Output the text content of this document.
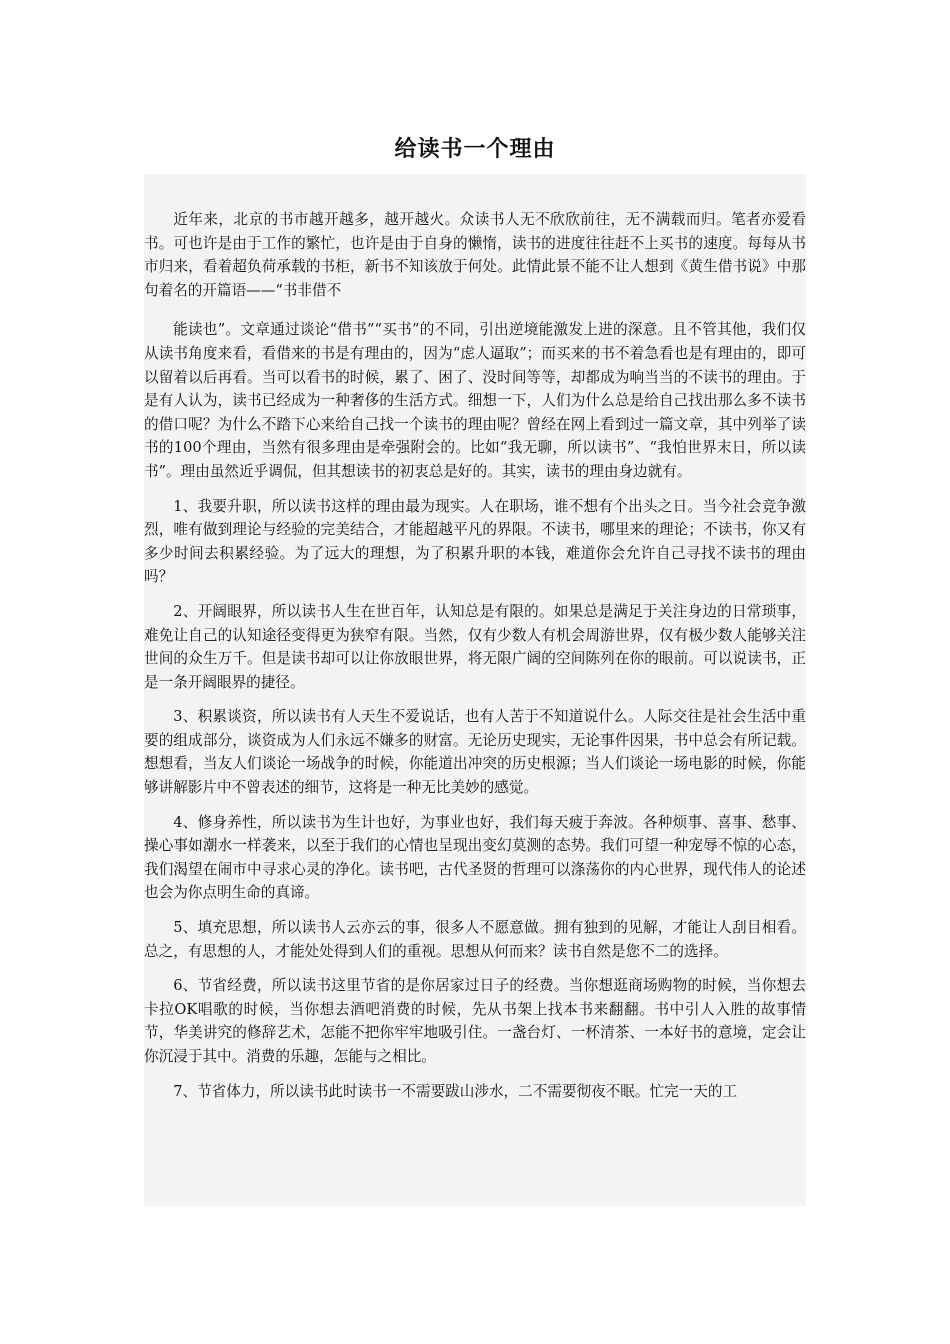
给读书一个理由

近年来，北京的书市越开越多，越开越火。众读书人无不欣欣前往，无不满载而归。笔者亦爱看书。可也许是由于工作的繁忙，也许是由于自身的懒惰，读书的进度往往赶不上买书的速度。每每从书市归来，看着超负荷承载的书柜，新书不知该放于何处。此情此景不能不让人想到《黄生借书说》中那句着名的开篇语——“书非借不

能读也”。文章通过谈论“借书”“买书”的不同，引出逆境能激发上进的深意。且不管其他，我们仅从读书角度来看，看借来的书是有理由的，因为“虑人逼取”；而买来的书不着急看也是有理由的，即可以留着以后再看。当可以看书的时候，累了、困了、没时间等等，却都成为响当当的不读书的理由。于是有人认为，读书已经成为一种奢侈的生活方式。细想一下，人们为什么总是给自己找出那么多不读书的借口呢？为什么不踏下心来给自己找一个读书的理由呢？曾经在网上看到过一篇文章，其中列举了读书的100个理由，当然有很多理由是牵强附会的。比如“我无聊，所以读书”、“我怕世界末日，所以读书”。理由虽然近乎调侃，但其想读书的初衷总是好的。其实，读书的理由身边就有。

1、我要升职，所以读书这样的理由最为现实。人在职场，谁不想有个出头之日。当今社会竞争激烈，唯有做到理论与经验的完美结合，才能超越平凡的界限。不读书，哪里来的理论；不读书，你又有多少时间去积累经验。为了远大的理想，为了积累升职的本钱，难道你会允许自己寻找不读书的理由吗？

2、开阔眼界，所以读书人生在世百年，认知总是有限的。如果总是满足于关注身边的日常琐事，难免让自己的认知途径变得更为狭窄有限。当然，仅有少数人有机会周游世界，仅有极少数人能够关注世间的众生万千。但是读书却可以让你放眼世界，将无限广阔的空间陈列在你的眼前。可以说读书，正是一条开阔眼界的捷径。

3、积累谈资，所以读书有人天生不爱说话，也有人苦于不知道说什么。人际交往是社会生活中重要的组成部分，谈资成为人们永远不嫌多的财富。无论历史现实，无论事件因果，书中总会有所记载。想想看，当友人们谈论一场战争的时候，你能道出冲突的历史根源；当人们谈论一场电影的时候，你能够讲解影片中不曾表述的细节，这将是一种无比美妙的感觉。

4、修身养性，所以读书为生计也好，为事业也好，我们每天疲于奔波。各种烦事、喜事、愁事、操心事如潮水一样袭来，以至于我们的心情也呈现出变幻莫测的态势。我们可望一种宠辱不惊的心态，我们渴望在闹市中寻求心灵的净化。读书吧，古代圣贤的哲理可以涤荡你的内心世界，现代伟人的论述也会为你点明生命的真谛。

5、填充思想，所以读书人云亦云的事，很多人不愿意做。拥有独到的见解，才能让人刮目相看。总之，有思想的人，才能处处得到人们的重视。思想从何而来？读书自然是您不二的选择。

6、节省经费，所以读书这里节省的是你居家过日子的经费。当你想逛商场购物的时候，当你想去卡拉OK唱歌的时候，当你想去酒吧消费的时候，先从书架上找本书来翻翻。书中引人入胜的故事情节，华美讲究的修辞艺术，怎能不把你牢牢地吸引住。一盏台灯、一杯清茶、一本好书的意境，定会让你沉浸于其中。消费的乐趣，怎能与之相比。

7、节省体力，所以读书此时读书一不需要跋山涉水，二不需要彻夜不眠。忙完一天的工
